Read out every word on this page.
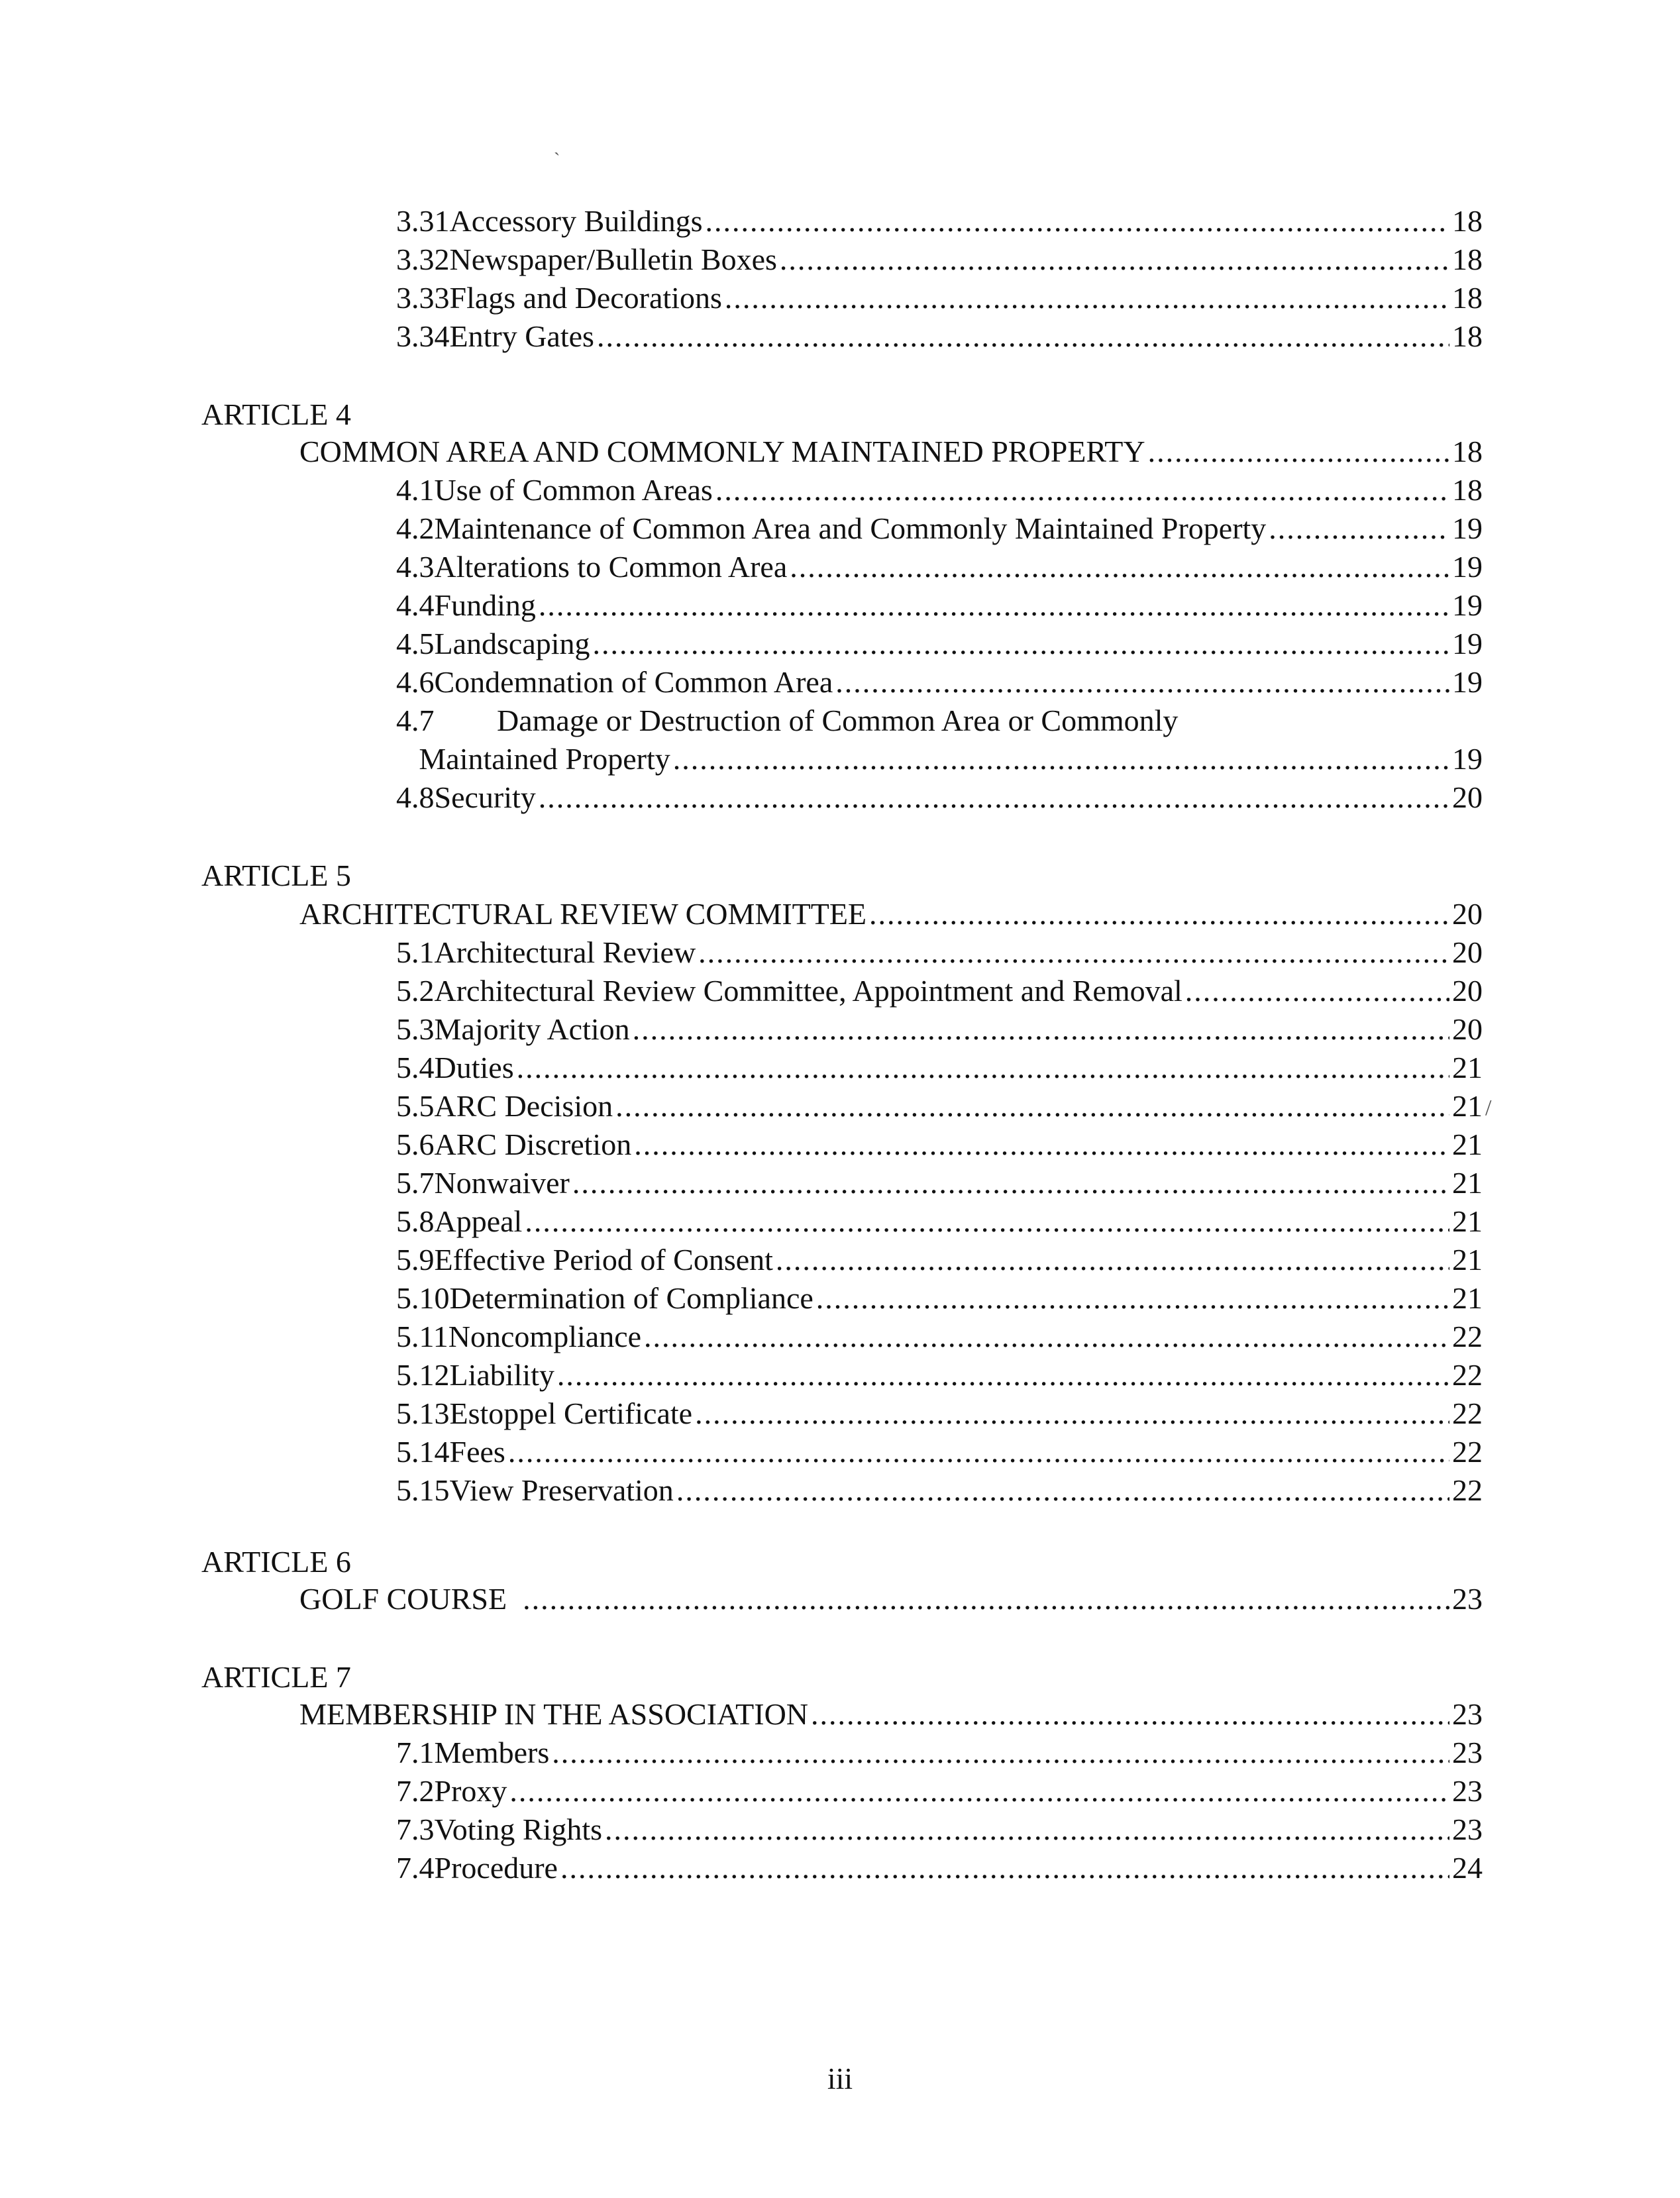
3.31 Accessory Buildings .....	18
3.32 Newspaper/Bulletin Boxes .....	18
3.33 Flags and Decorations .....	18
3.34 Entry Gates .....	18
ARTICLE 4
COMMON AREA AND COMMONLY MAINTAINED PROPERTY .....	18
4.1 Use of Common Areas .....	18
4.2 Maintenance of Common Area and Commonly Maintained Property .....	19
4.3 Alterations to Common Area .....	19
4.4 Funding .....	19
4.5 Landscaping .....	19
4.6 Condemnation of Common Area .....	19
4.7	Damage or Destruction of Common Area or Commonly
Maintained Property .....	19
4.8 Security .....	20
ARTICLE 5
ARCHITECTURAL REVIEW COMMITTEE .....	20
5.1 Architectural Review .....	20
5.2 Architectural Review Committee, Appointment and Removal .....	20
5.3 Majority Action .....	20
5.4 Duties .....	21
5.5 ARC Decision .....	21
5.6 ARC Discretion .....	21
5.7 Nonwaiver .....	21
5.8 Appeal .....	21
5.9 Effective Period of Consent .....	21
5.10 Determination of Compliance .....	21
5.11 Noncompliance .....	22
5.12 Liability .....	22
5.13 Estoppel Certificate .....	22
5.14 Fees .....	22
5.15 View Preservation .....	22
ARTICLE 6
GOLF COURSE .....	23
ARTICLE 7
MEMBERSHIP IN THE ASSOCIATION .....	23
7.1 Members .....	23
7.2 Proxy .....	23
7.3 Voting Rights .....	23
7.4 Procedure .....	24
`
/
iii
